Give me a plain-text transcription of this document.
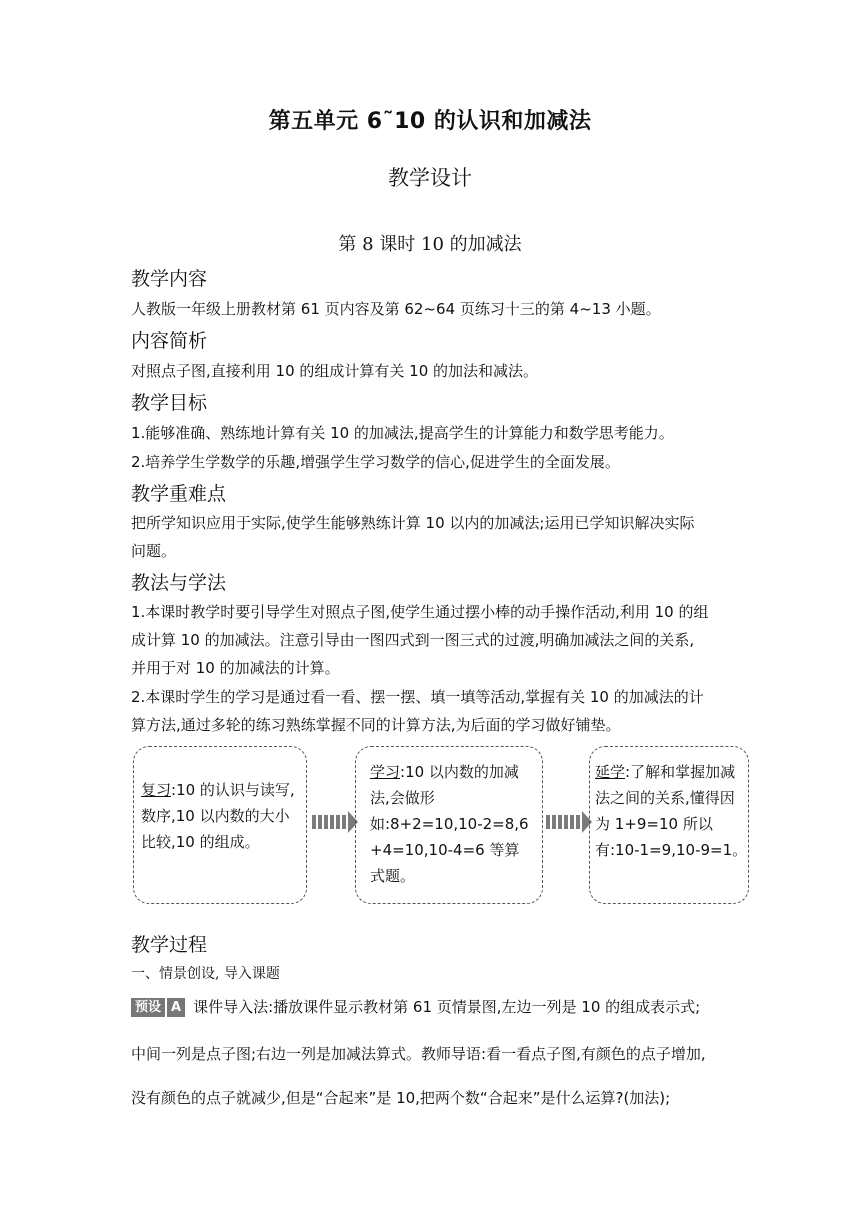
第五单元 6˜10 的认识和加减法
教学设计
第 8 课时 10 的加减法
教学内容
人教版一年级上册教材第 61 页内容及第 62~64 页练习十三的第 4~13 小题。
内容简析
对照点子图,直接利用 10 的组成计算有关 10 的加法和减法。
教学目标
1.能够准确、熟练地计算有关 10 的加减法,提高学生的计算能力和数学思考能力。
2.培养学生学数学的乐趣,增强学生学习数学的信心,促进学生的全面发展。
教学重难点
把所学知识应用于实际,使学生能够熟练计算 10 以内的加减法;运用已学知识解决实际
问题。
教法与学法
1.本课时教学时要引导学生对照点子图,使学生通过摆小棒的动手操作活动,利用 10 的组
成计算 10 的加减法。注意引导由一图四式到一图三式的过渡,明确加减法之间的关系,
并用于对 10 的加减法的计算。
2.本课时学生的学习是通过看一看、摆一摆、填一填等活动,掌握有关 10 的加减法的计
算方法,通过多轮的练习熟练掌握不同的计算方法,为后面的学习做好铺垫。
复习:10 的认识与读写,
数序,10 以内数的大小
比较,10 的组成。
学习:10 以内数的加减
法,会做形
如:8+2=10,10-2=8,6
+4=10,10-4=6 等算
式题。
延学:了解和掌握加减
法之间的关系,懂得因
为 1+9=10 所以
有:10-1=9,10-9=1。
教学过程
一、情景创设, 导入课题
预设 A 课件导入法:播放课件显示教材第 61 页情景图,左边一列是 10 的组成表示式;
中间一列是点子图;右边一列是加减法算式。教师导语:看一看点子图,有颜色的点子增加,
没有颜色的点子就减少,但是“合起来”是 10,把两个数“合起来”是什么运算?(加法);
